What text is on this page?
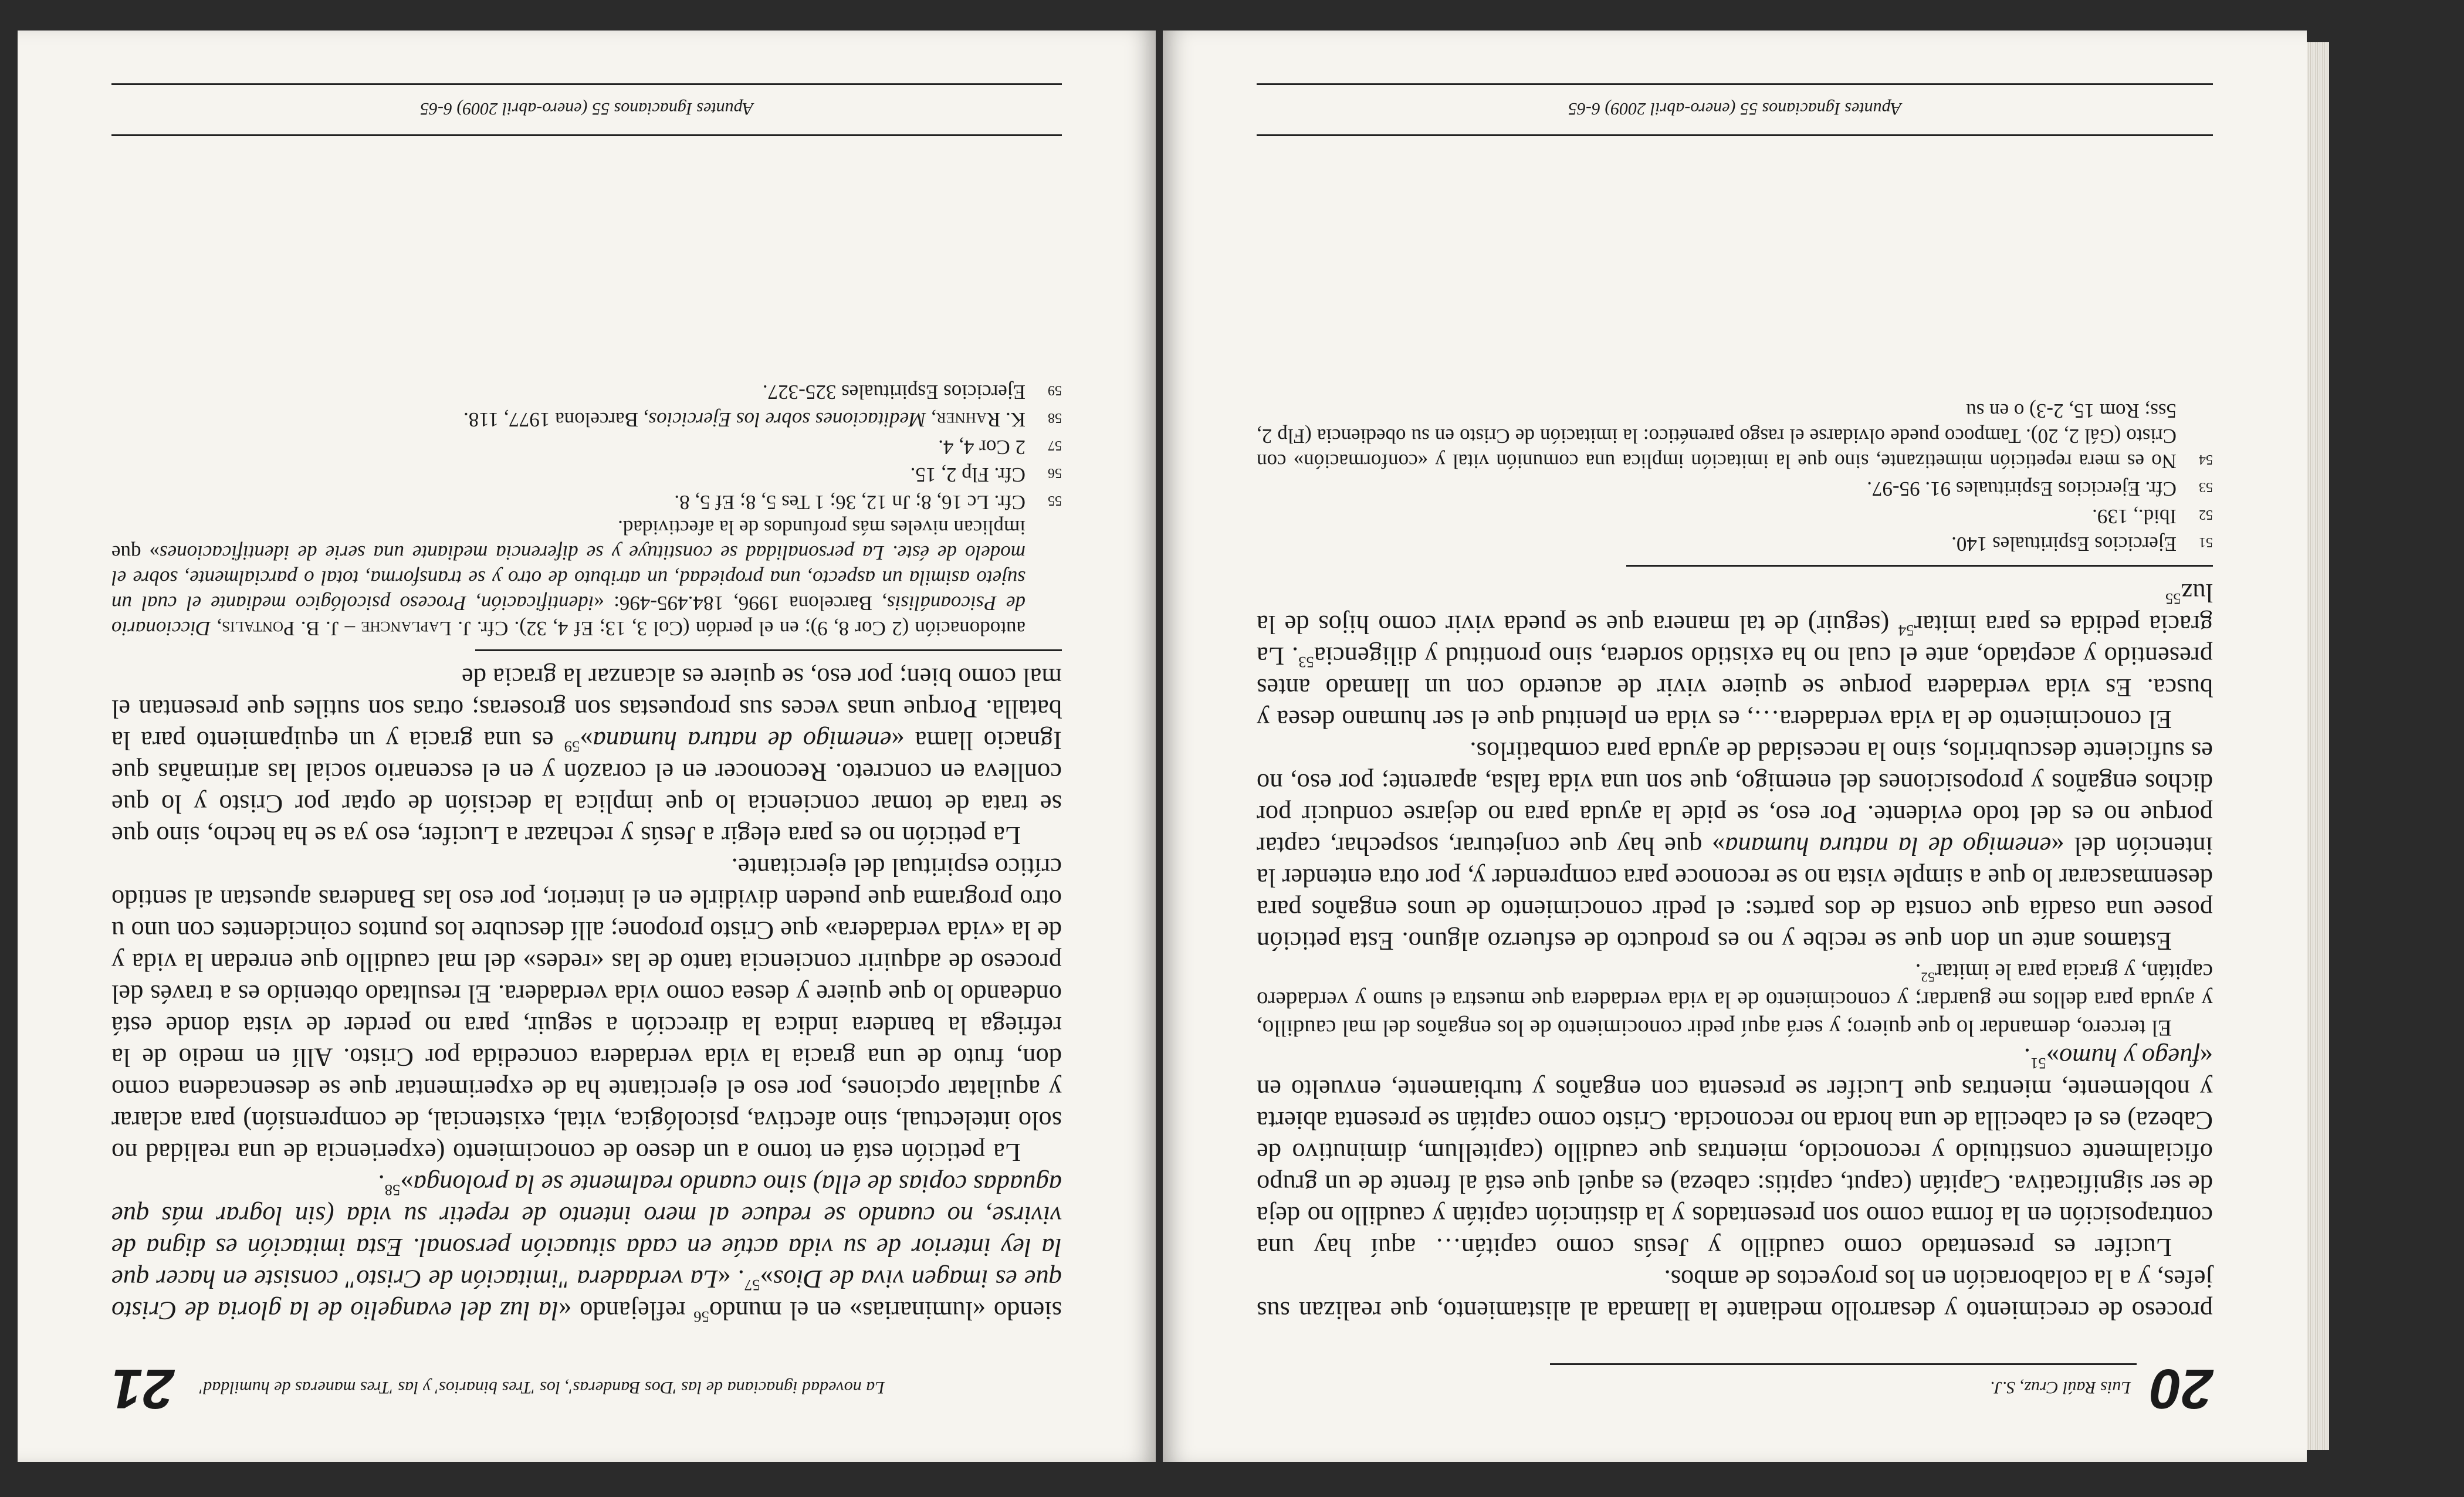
20
Luis Raúl Cruz, S.J.

proceso de crecimiento y desarrollo mediante la llamada al alistamiento, que realizan sus jefes, y a la colaboración en los proyectos de ambos.

Lucifer es presentado como caudillo y Jesús como capitán… aquí hay una contraposición en la forma como son presentados y la distinción capitán y caudillo no deja de ser significativa. Capitán (caput, capitis: cabeza) es aquél que está al frente de un grupo oficialmente constituido y reconocido, mientras que caudillo (capitellum, diminutivo de Cabeza) es el cabecilla de una horda no reconocida. Cristo como capitán se presenta abierta y noblemente, mientras que Lucifer se presenta con engaños y turbiamente, envuelto en «fuego y humo»$^{51}$.

El tercero, demandar lo que quiero; y será aquí pedir conocimiento de los engaños del mal caudillo, y ayuda para dellos me guardar; y conocimiento de la vida verdadera que muestra el sumo y verdadero capitán, y gracia para le imitar$^{52}$.

Estamos ante un don que se recibe y no es producto de esfuerzo alguno. Esta petición posee una osadía que consta de dos partes: el pedir conocimiento de unos engaños para desenmascarar lo que a simple vista no se reconoce para comprender y, por otra entender la intención del «enemigo de la natura humana» que hay que conjeturar, sospechar, captar porque no es del todo evidente. Por eso, se pide la ayuda para no dejarse conducir por dichos engaños y proposiciones del enemigo, que son una vida falsa, aparente; por eso, no es suficiente descubrirlos, sino la necesidad de ayuda para combatirlos.

El conocimiento de la vida verdadera…, es vida en plenitud que el ser humano desea y busca. Es vida verdadera porque se quiere vivir de acuerdo con un llamado antes presentido y aceptado, ante el cual no ha existido sordera, sino prontitud y diligencia$^{53}$. La gracia pedida es para imitar$^{54}$ (seguir) de tal manera que se pueda vivir como hijos de la luz$^{55}$

51
Ejercicios Espirituales 140.
52
Ibid., 139.
53
Cfr. Ejercicios Espirituales 91. 95-97.
54
No es mera repetición mimetizante, sino que la imitación implica una comunión vital y «conformación» con Cristo (Gál 2, 20). Tampoco puede olvidarse el rasgo parenético: la imitación de Cristo en su obediencia (Flp 2, 5ss; Rom 15, 2-3) o en su
Apuntes Ignacianos 55 (enero-abril 2009) 6-65
21 La novedad ignaciana de las 'Dos Banderas', los 'Tres binarios' y las 'Tres maneras de humildad'

siendo «luminarias» en el mundo$^{56}$ reflejando «la luz del evangelio de la gloria de Cristo que es imagen viva de Dios»$^{57}$. «La verdadera "imitación de Cristo" consiste en hacer que la ley interior de su vida actúe en cada situación personal. Esta imitación es digna de vivirse, no cuando se reduce al mero intento de repetir su vida (sin lograr más que aguadas copias de ella) sino cuando realmente se la prolonga»$^{58}$.

La petición está en torno a un deseo de conocimiento (experiencia de una realidad no solo intelectual, sino afectiva, psicológica, vital, existencial, de comprensión) para aclarar y aquilatar opciones, por eso el ejercitante ha de experimentar que se desencadena como don, fruto de una gracia la vida verdadera concedida por Cristo. Allí en medio de la refriega la bandera indica la dirección a seguir, para no perder de vista donde está ondeando lo que quiere y desea como vida verdadera. El resultado obtenido es a través del proceso de adquirir conciencia tanto de las «redes» del mal caudillo que enredan la vida y de la «vida verdadera» que Cristo propone; allí descubre los puntos coincidentes con uno u otro programa que pueden dividirle en el interior, por eso las Banderas apuestan al sentido crítico espiritual del ejercitante.

La petición no es para elegir a Jesús y rechazar a Lucifer, eso ya se ha hecho, sino que se trata de tomar conciencia lo que implica la decisión de optar por Cristo y lo que conlleva en concreto. Reconocer en el corazón y en el escenario social las artimañas que Ignacio llama «enemigo de natura humana»$^{59}$ es una gracia y un equipamiento para la batalla. Porque unas veces sus propuestas son groseras; otras son sutiles que presentan el mal como bien; por eso, se quiere es alcanzar la gracia de

autodonación (2 Cor 8, 9); en el perdón (Col 3, 13; Ef 4, 32). Cfr. J. Laplanche – J. B. Pontalis, Diccionario de Psicoanálisis, Barcelona 1996, 184.495-496: «identificación, Proceso psicológico mediante el cual un sujeto asimila un aspecto, una propiedad, un atributo de otro y se transforma, total o parcialmente, sobre el modelo de éste. La personalidad se constituye y se diferencia mediante una serie de identificaciones» que implican niveles más profundos de la afectividad.
55
Cfr. Lc 16, 8; Jn 12, 36; 1 Tes 5, 8; Ef 5, 8.
56
Cfr. Flp 2, 15.
57
2 Cor 4, 4.
58
K. Rahner, Meditaciones sobre los Ejercicios, Barcelona 1977, 118.
59
Ejercicios Espirituales 325-327.
Apuntes Ignacianos 55 (enero-abril 2009) 6-65
